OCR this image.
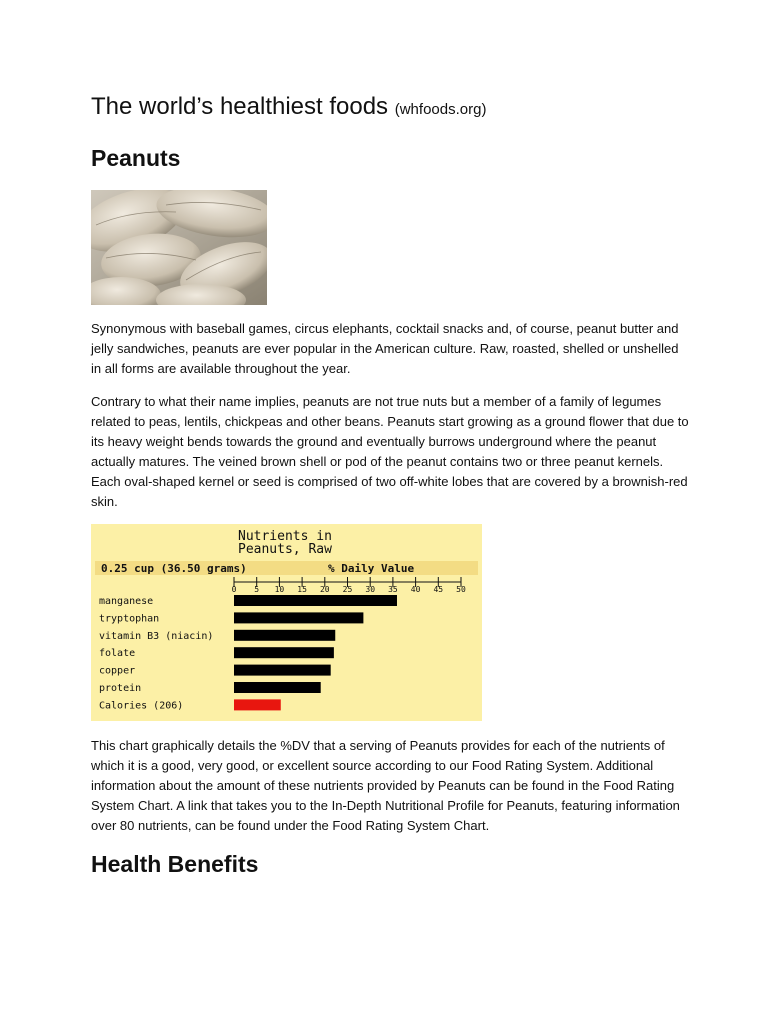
The world’s healthiest foods (whfoods.org)
Peanuts

Synonymous with baseball games, circus elephants, cocktail snacks and, of course, peanut butter and jelly sandwiches, peanuts are ever popular in the American culture. Raw, roasted, shelled or unshelled in all forms are available throughout the year.

Contrary to what their name implies, peanuts are not true nuts but a member of a family of legumes related to peas, lentils, chickpeas and other beans. Peanuts start growing as a ground flower that due to its heavy weight bends towards the ground and eventually burrows underground where the peanut actually matures. The veined brown shell or pod of the peanut contains two or three peanut kernels. Each oval-shaped kernel or seed is comprised of two off-white lobes that are covered by a brownish-red skin.

Nutrients in
Peanuts, Raw
0.25 cup (36.50 grams)	% Daily Value
0 5 10 15 20 25 30 35 40 45 50
manganese
tryptophan
vitamin B3 (niacin)
folate
copper
protein
Calories (206)

This chart graphically details the %DV that a serving of Peanuts provides for each of the nutrients of which it is a good, very good, or excellent source according to our Food Rating System. Additional information about the amount of these nutrients provided by Peanuts can be found in the Food Rating System Chart. A link that takes you to the In-Depth Nutritional Profile for Peanuts, featuring information over 80 nutrients, can be found under the Food Rating System Chart.

Health Benefits
